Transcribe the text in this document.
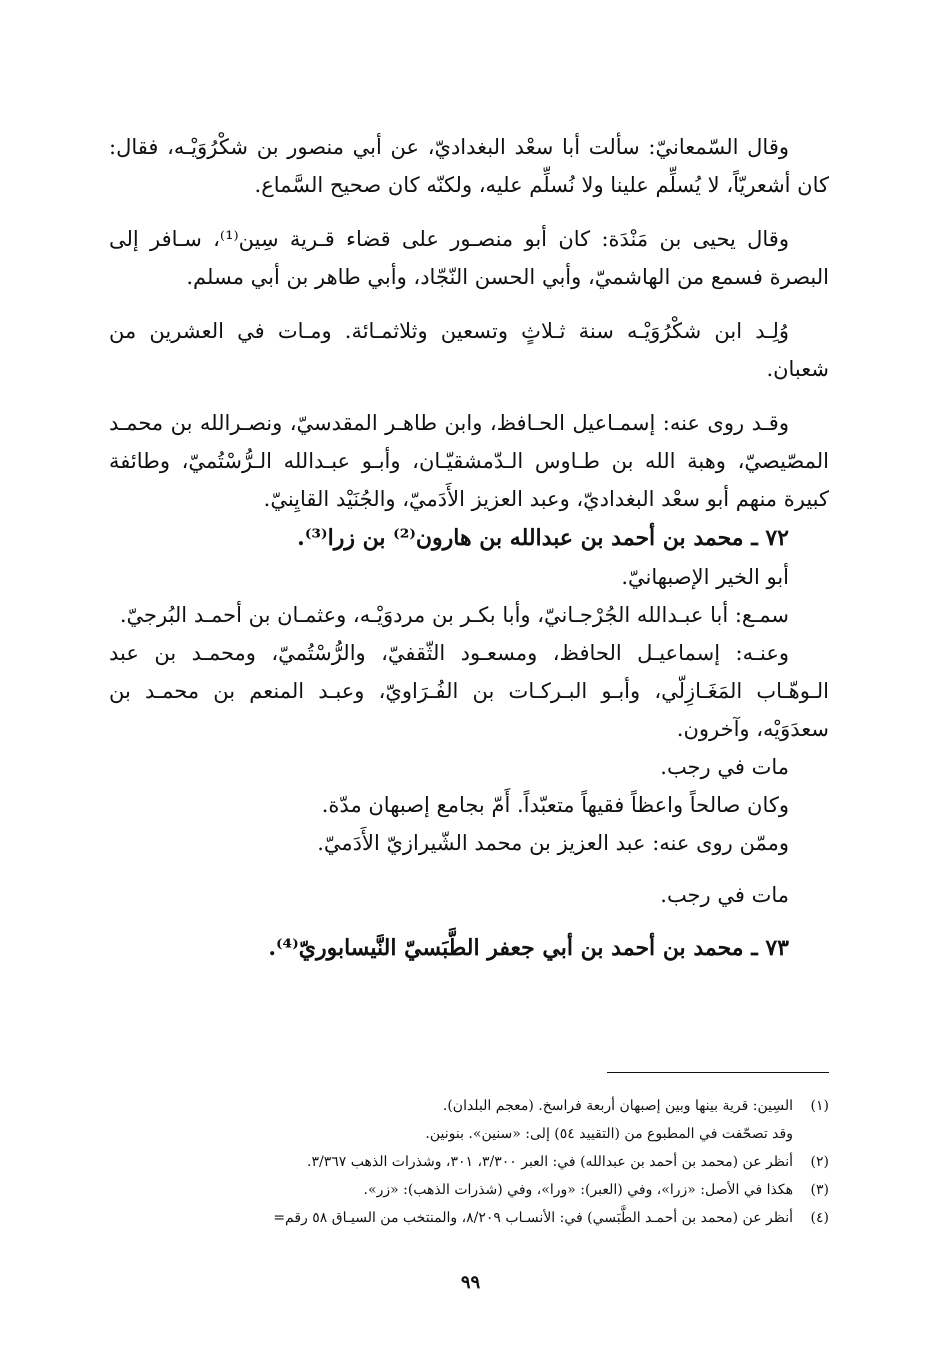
وقال السّمعانيّ: سألت أبا سعْد البغداديّ، عن أبي منصور بن شكْرُوَيْـه، فقال: كان أشعريّاً، لا يُسلِّم علينا ولا نُسلِّم عليه، ولكنّه كان صحيح السَّماع.

وقال يحيى بن مَنْدَة: كان أبو منصـور على قضاء قـرية سِين⁽¹⁾، سـافر إلى البصرة فسمع من الهاشميّ، وأبي الحسن النّجّاد، وأبي طاهر بن أبي مسلم.

وُلِـد ابن شكْرُوَيْـه سنة ثـلاثٍ وتسعين وثلاثمـائة. ومـات في العشرين من شعبان.

وقـد روى عنه: إسمـاعيل الحـافظ، وابن طاهـر المقدسيّ، ونصـرالله بن محمـد المصّيصيّ، وهبة الله بن طـاوس الـدّمشقيّـان، وأبـو عبـدالله الـرُّسْتُميّ، وطائفة كبيرة منهم أبو سعْد البغداديّ، وعبد العزيز الأَدَميّ، والجُنَيْد القايِنيّ.

٧٢ ـ محمد بن أحمد بن عبدالله بن هارون⁽²⁾ بن زرا⁽³⁾.

أبو الخير الإصبهانيّ.

سمـع: أبا عبـدالله الجُرْجـانيّ، وأبا بكـر بن مردوَيْـه، وعثمـان بن أحمـد البُرجيّ.

وعنـه: إسماعيـل الحافظ، ومسعـود الثّقفيّ، والرُّسْتُميّ، ومحمـد بن عبد الـوهّـاب المَغَـازِلّي، وأبـو البـركـات بن الفُـرَاويّ، وعبـد المنعم بن محمـد بن سعدَوَيْه، وآخرون.

مات في رجب.

وكان صالحاً واعظاً فقيهاً متعبّداً. أَمّ بجامع إصبهان مدّة.

وممّن روى عنه: عبد العزيز بن محمد الشّيرازيّ الأَدَميّ.

مات في رجب.

٧٣ ـ محمد بن أحمد بن أبي جعفر الطَّبَسيّ النَّيسابوريّ⁽⁴⁾.

(١)
السِين: قرية بينها وبين إصبهان أربعة فراسخ. (معجم البلدان).
وقد تصحّفت في المطبوع من (التقييد ٥٤) إلى: «سنين». بنونين.
(٢)
أنظر عن (محمد بن أحمد بن عبدالله) في: العبر ٣/٣٠٠، ٣٠١، وشذرات الذهب ٣/٣٦٧.
(٣)
هكذا في الأصل: «زرا»، وفي (العبر): «ورا»، وفي (شذرات الذهب): «زر».
(٤)
أنظر عن (محمد بن أحمـد الطَّبَسي) في: الأنسـاب ٨/٢٠٩، والمنتخب من السيـاق ٥٨ رقم=
٩٩
